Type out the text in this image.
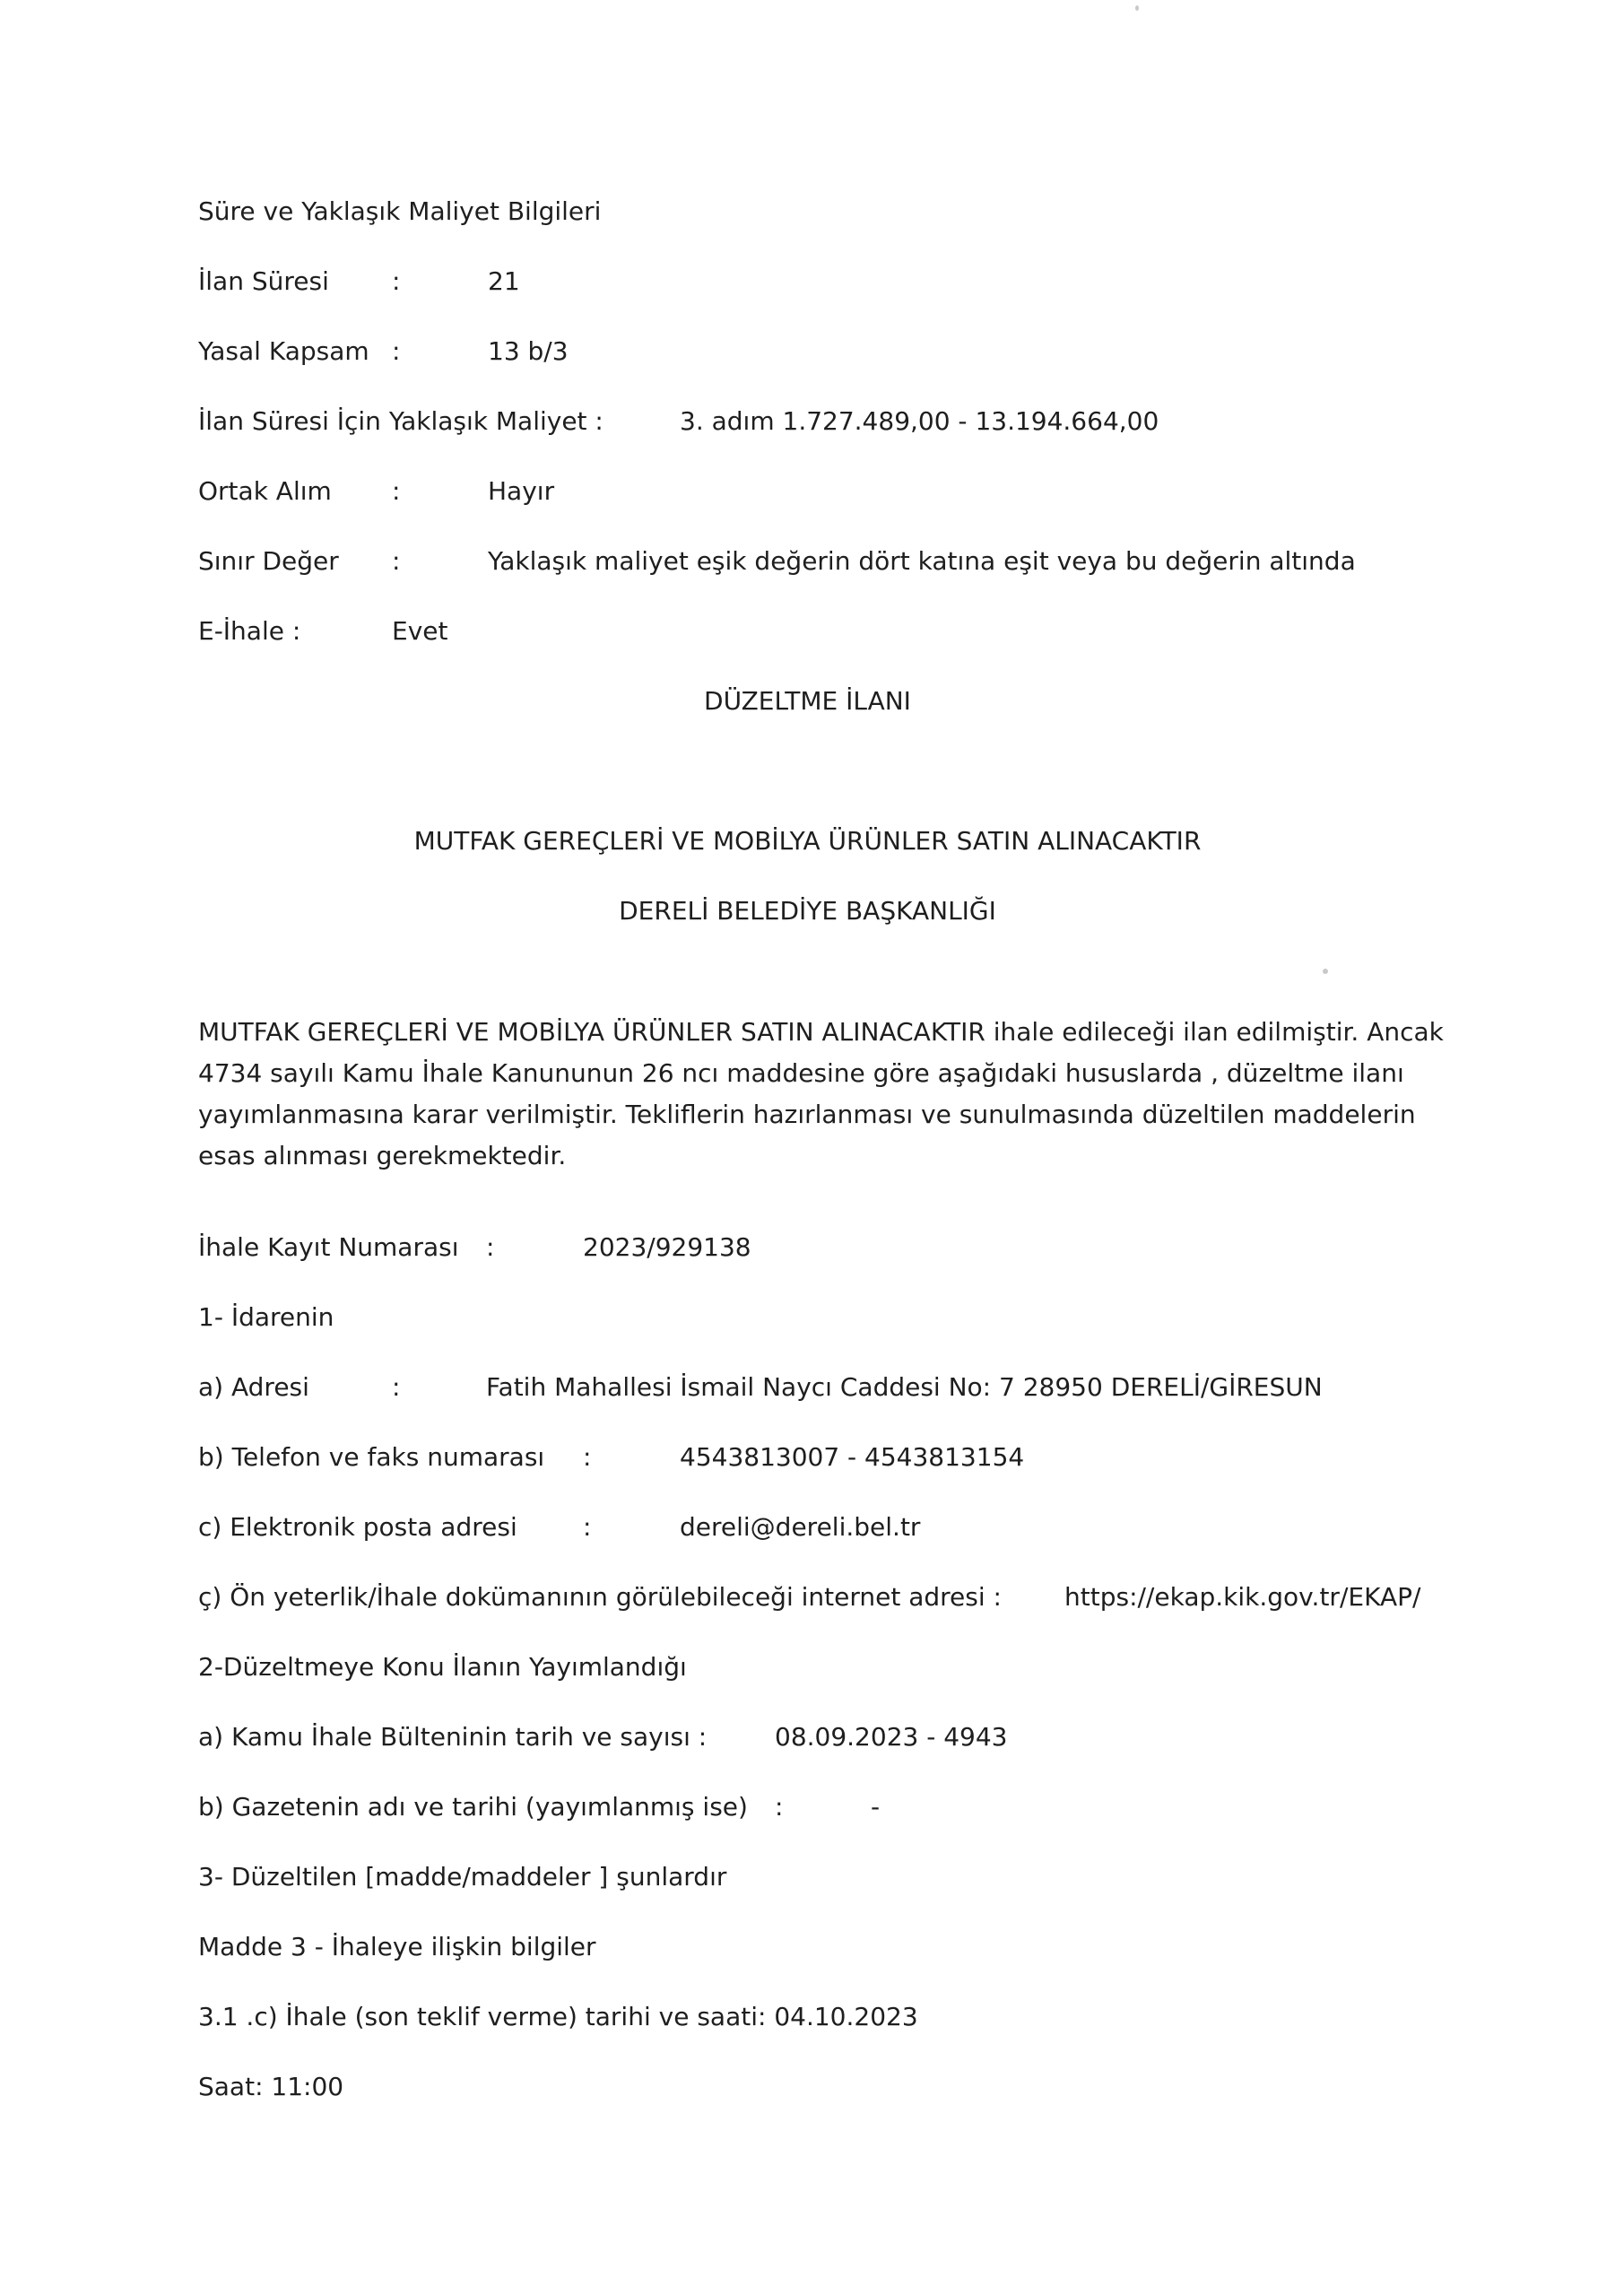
Süre ve Yaklaşık Maliyet Bilgileri
İlan Süresi	:	21
Yasal Kapsam :	13 b/3
İlan Süresi İçin Yaklaşık Maliyet :	3. adım 1.727.489,00 - 13.194.664,00
Ortak Alım :	Hayır
Sınır Değer :	Yaklaşık maliyet eşik değerin dört katına eşit veya bu değerin altında
E-İhale :	Evet
DÜZELTME İLANI
MUTFAK GEREÇLERİ VE MOBİLYA ÜRÜNLER SATIN ALINACAKTIR
DERELİ BELEDİYE BAŞKANLIĞI
MUTFAK GEREÇLERİ VE MOBİLYA ÜRÜNLER SATIN ALINACAKTIR ihale edileceği ilan edilmiştir. Ancak 4734 sayılı Kamu İhale Kanununun 26 ncı maddesine göre aşağıdaki hususlarda , düzeltme ilanı yayımlanmasına karar verilmiştir. Tekliflerin hazırlanması ve sunulmasında düzeltilen maddelerin esas alınması gerekmektedir.
İhale Kayıt Numarası :	2023/929138
1- İdarenin
a) Adresi	:	Fatih Mahallesi İsmail Naycı Caddesi No: 7 28950 DERELİ/GİRESUN
b) Telefon ve faks numarası :	4543813007 - 4543813154
c) Elektronik posta adresi	:	dereli@dereli.bel.tr
ç) Ön yeterlik/İhale dokümanının görülebileceği internet adresi :	https://ekap.kik.gov.tr/EKAP/
2-Düzeltmeye Konu İlanın Yayımlandığı
a) Kamu İhale Bülteninin tarih ve sayısı :	08.09.2023 - 4943
b) Gazetenin adı ve tarihi (yayımlanmış ise) :	-
3- Düzeltilen [madde/maddeler ] şunlardır
Madde 3 - İhaleye ilişkin bilgiler
3.1 .c) İhale (son teklif verme) tarihi ve saati: 04.10.2023
Saat: 11:00
